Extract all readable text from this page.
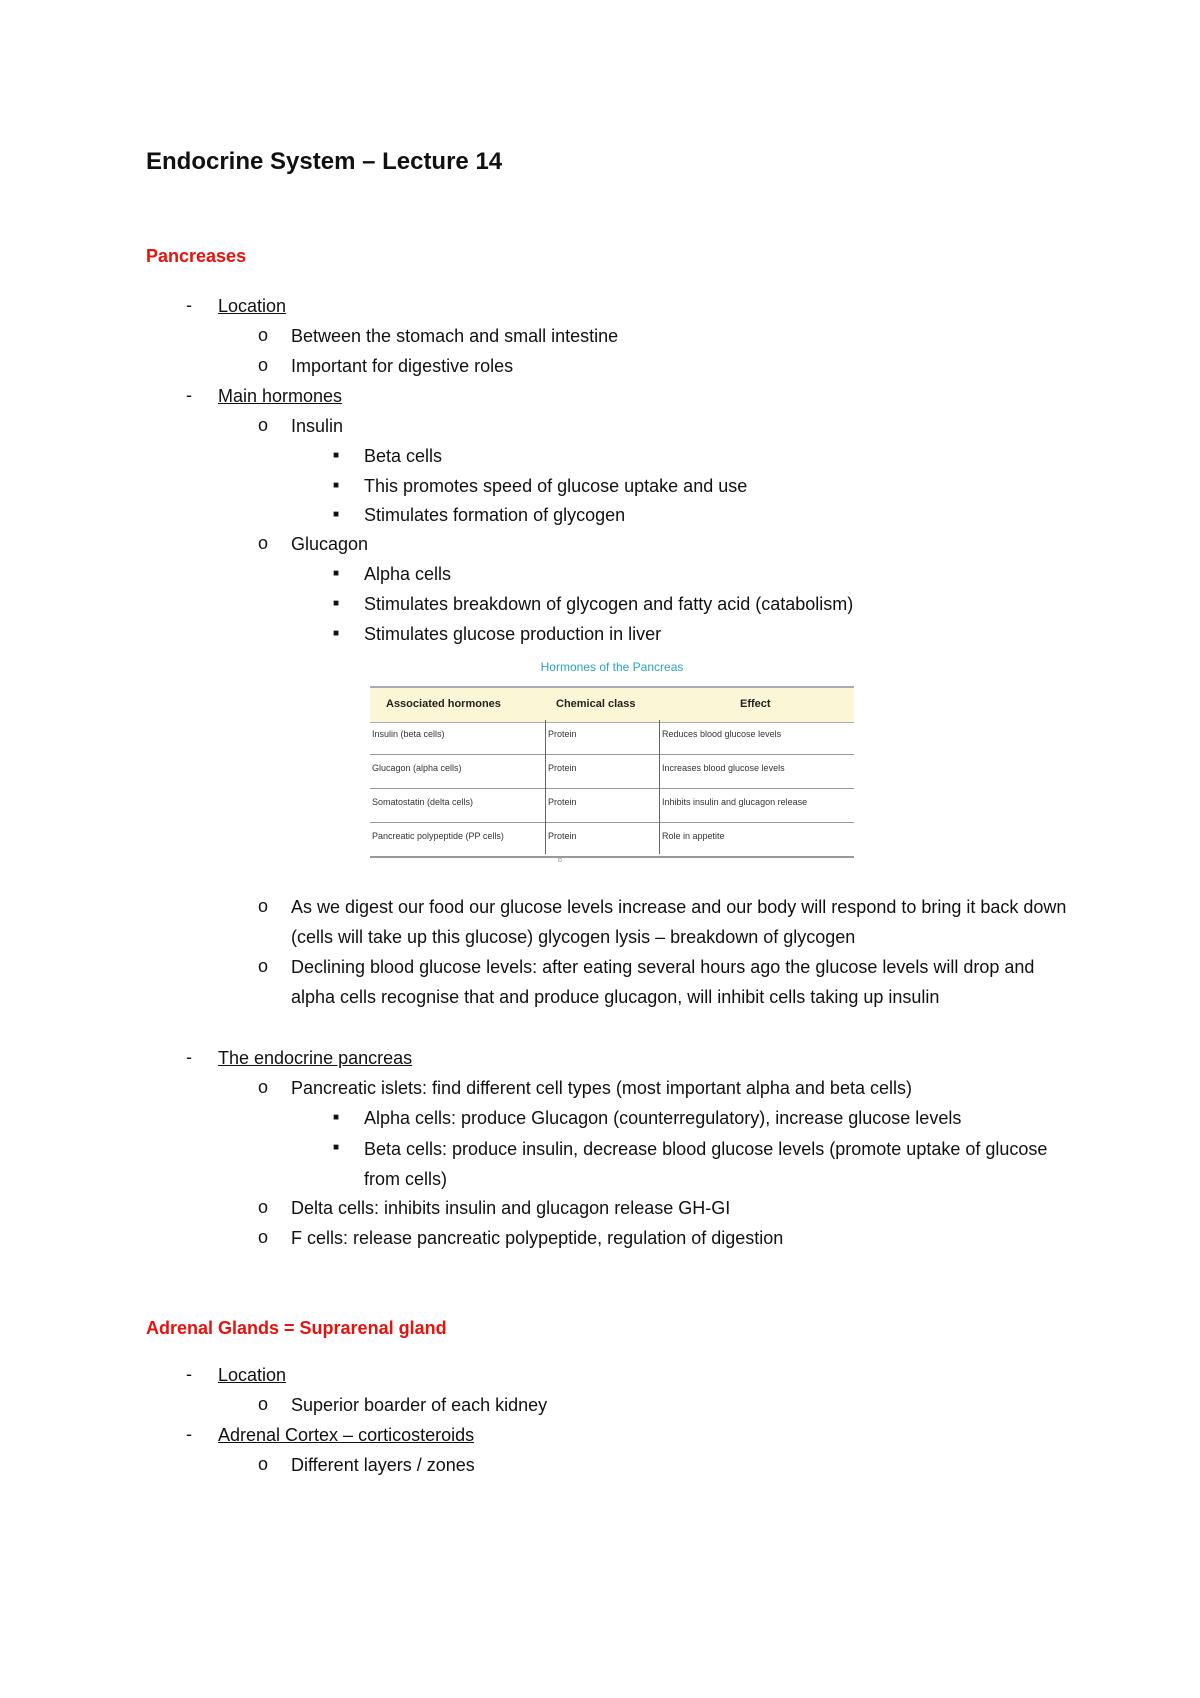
Endocrine System – Lecture 14
Pancreases
- Location
o Between the stomach and small intestine
o Important for digestive roles
- Main hormones
o Insulin
■ Beta cells
■ This promotes speed of glucose uptake and use
■ Stimulates formation of glycogen
o Glucagon
■ Alpha cells
■ Stimulates breakdown of glycogen and fatty acid (catabolism)
■ Stimulates glucose production in liver
Hormones of the Pancreas
Associated hormones	Chemical class	Effect
Insulin (beta cells)	Protein	Reduces blood glucose levels
Glucagon (alpha cells)	Protein	Increases blood glucose levels
Somatostatin (delta cells)	Protein	Inhibits insulin and glucagon release
Pancreatic polypeptide (PP cells)	Protein	Role in appetite
b
o As we digest our food our glucose levels increase and our body will respond to bring it back down (cells will take up this glucose) glycogen lysis – breakdown of glycogen
o Declining blood glucose levels: after eating several hours ago the glucose levels will drop and alpha cells recognise that and produce glucagon, will inhibit cells taking up insulin
- The endocrine pancreas
o Pancreatic islets: find different cell types (most important alpha and beta cells)
■ Alpha cells: produce Glucagon (counterregulatory), increase glucose levels
■ Beta cells: produce insulin, decrease blood glucose levels (promote uptake of glucose from cells)
o Delta cells: inhibits insulin and glucagon release GH-GI
o F cells: release pancreatic polypeptide, regulation of digestion
Adrenal Glands = Suprarenal gland
- Location
o Superior boarder of each kidney
- Adrenal Cortex – corticosteroids
o Different layers / zones
